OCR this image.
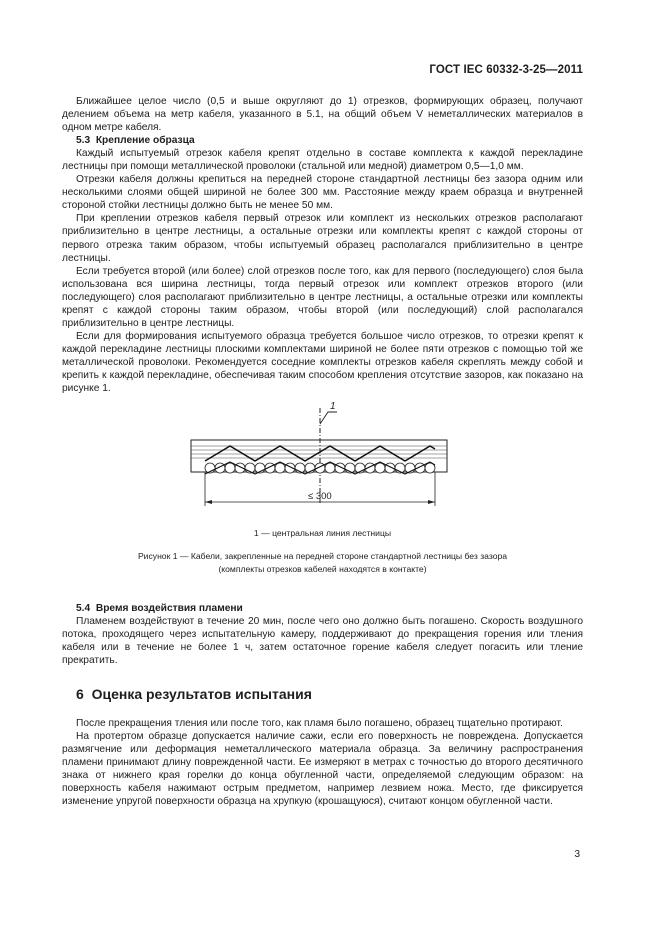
ГОСТ IEC 60332-3-25—2011

Ближайшее целое число (0,5 и выше округляют до 1) отрезков, формирующих образец, получают делением объема на метр кабеля, указанного в 5.1, на общий объем V неметаллических материалов в одном метре кабеля.

5.3 Крепление образца

Каждый испытуемый отрезок кабеля крепят отдельно в составе комплекта к каждой перекладине лестницы при помощи металлической проволоки (стальной или медной) диаметром 0,5—1,0 мм.

Отрезки кабеля должны крепиться на передней стороне стандартной лестницы без зазора одним или несколькими слоями общей шириной не более 300 мм. Расстояние между краем образца и внутренней стороной стойки лестницы должно быть не менее 50 мм.

При креплении отрезков кабеля первый отрезок или комплект из нескольких отрезков располагают приблизительно в центре лестницы, а остальные отрезки или комплекты крепят с каждой стороны от первого отрезка таким образом, чтобы испытуемый образец располагался приблизительно в центре лестницы.

Если требуется второй (или более) слой отрезков после того, как для первого (последующего) слоя была использована вся ширина лестницы, тогда первый отрезок или комплект отрезков второго (или последующего) слоя располагают приблизительно в центре лестницы, а остальные отрезки или комплекты крепят с каждой стороны таким образом, чтобы второй (или последующий) слой располагался приблизительно в центре лестницы.

Если для формирования испытуемого образца требуется большое число отрезков, то отрезки крепят к каждой перекладине лестницы плоскими комплектами шириной не более пяти отрезков с помощью той же металлической проволоки. Рекомендуется соседние комплекты отрезков кабеля скреплять между собой и крепить к каждой перекладине, обеспечивая таким способом крепления отсутствие зазоров, как показано на рисунке 1.

1
≤ 300
1 — центральная линия лестницы
Рисунок 1 — Кабели, закрепленные на передней стороне стандартной лестницы без зазора
(комплекты отрезков кабелей находятся в контакте)

5.4 Время воздействия пламени

Пламенем воздействуют в течение 20 мин, после чего оно должно быть погашено. Скорость воздушного потока, проходящего через испытательную камеру, поддерживают до прекращения горения или тления кабеля или в течение не более 1 ч, затем остаточное горение кабеля следует погасить или тление прекратить.

6 Оценка результатов испытания

После прекращения тления или после того, как пламя было погашено, образец тщательно протирают.

На протертом образце допускается наличие сажи, если его поверхность не повреждена. Допускается размягчение или деформация неметаллического материала образца. За величину распространения пламени принимают длину поврежденной части. Ее измеряют в метрах с точностью до второго десятичного знака от нижнего края горелки до конца обугленной части, определяемой следующим образом: на поверхность кабеля нажимают острым предметом, например лезвием ножа. Место, где фиксируется изменение упругой поверхности образца на хрупкую (крошащуюся), считают концом обугленной части.

3
